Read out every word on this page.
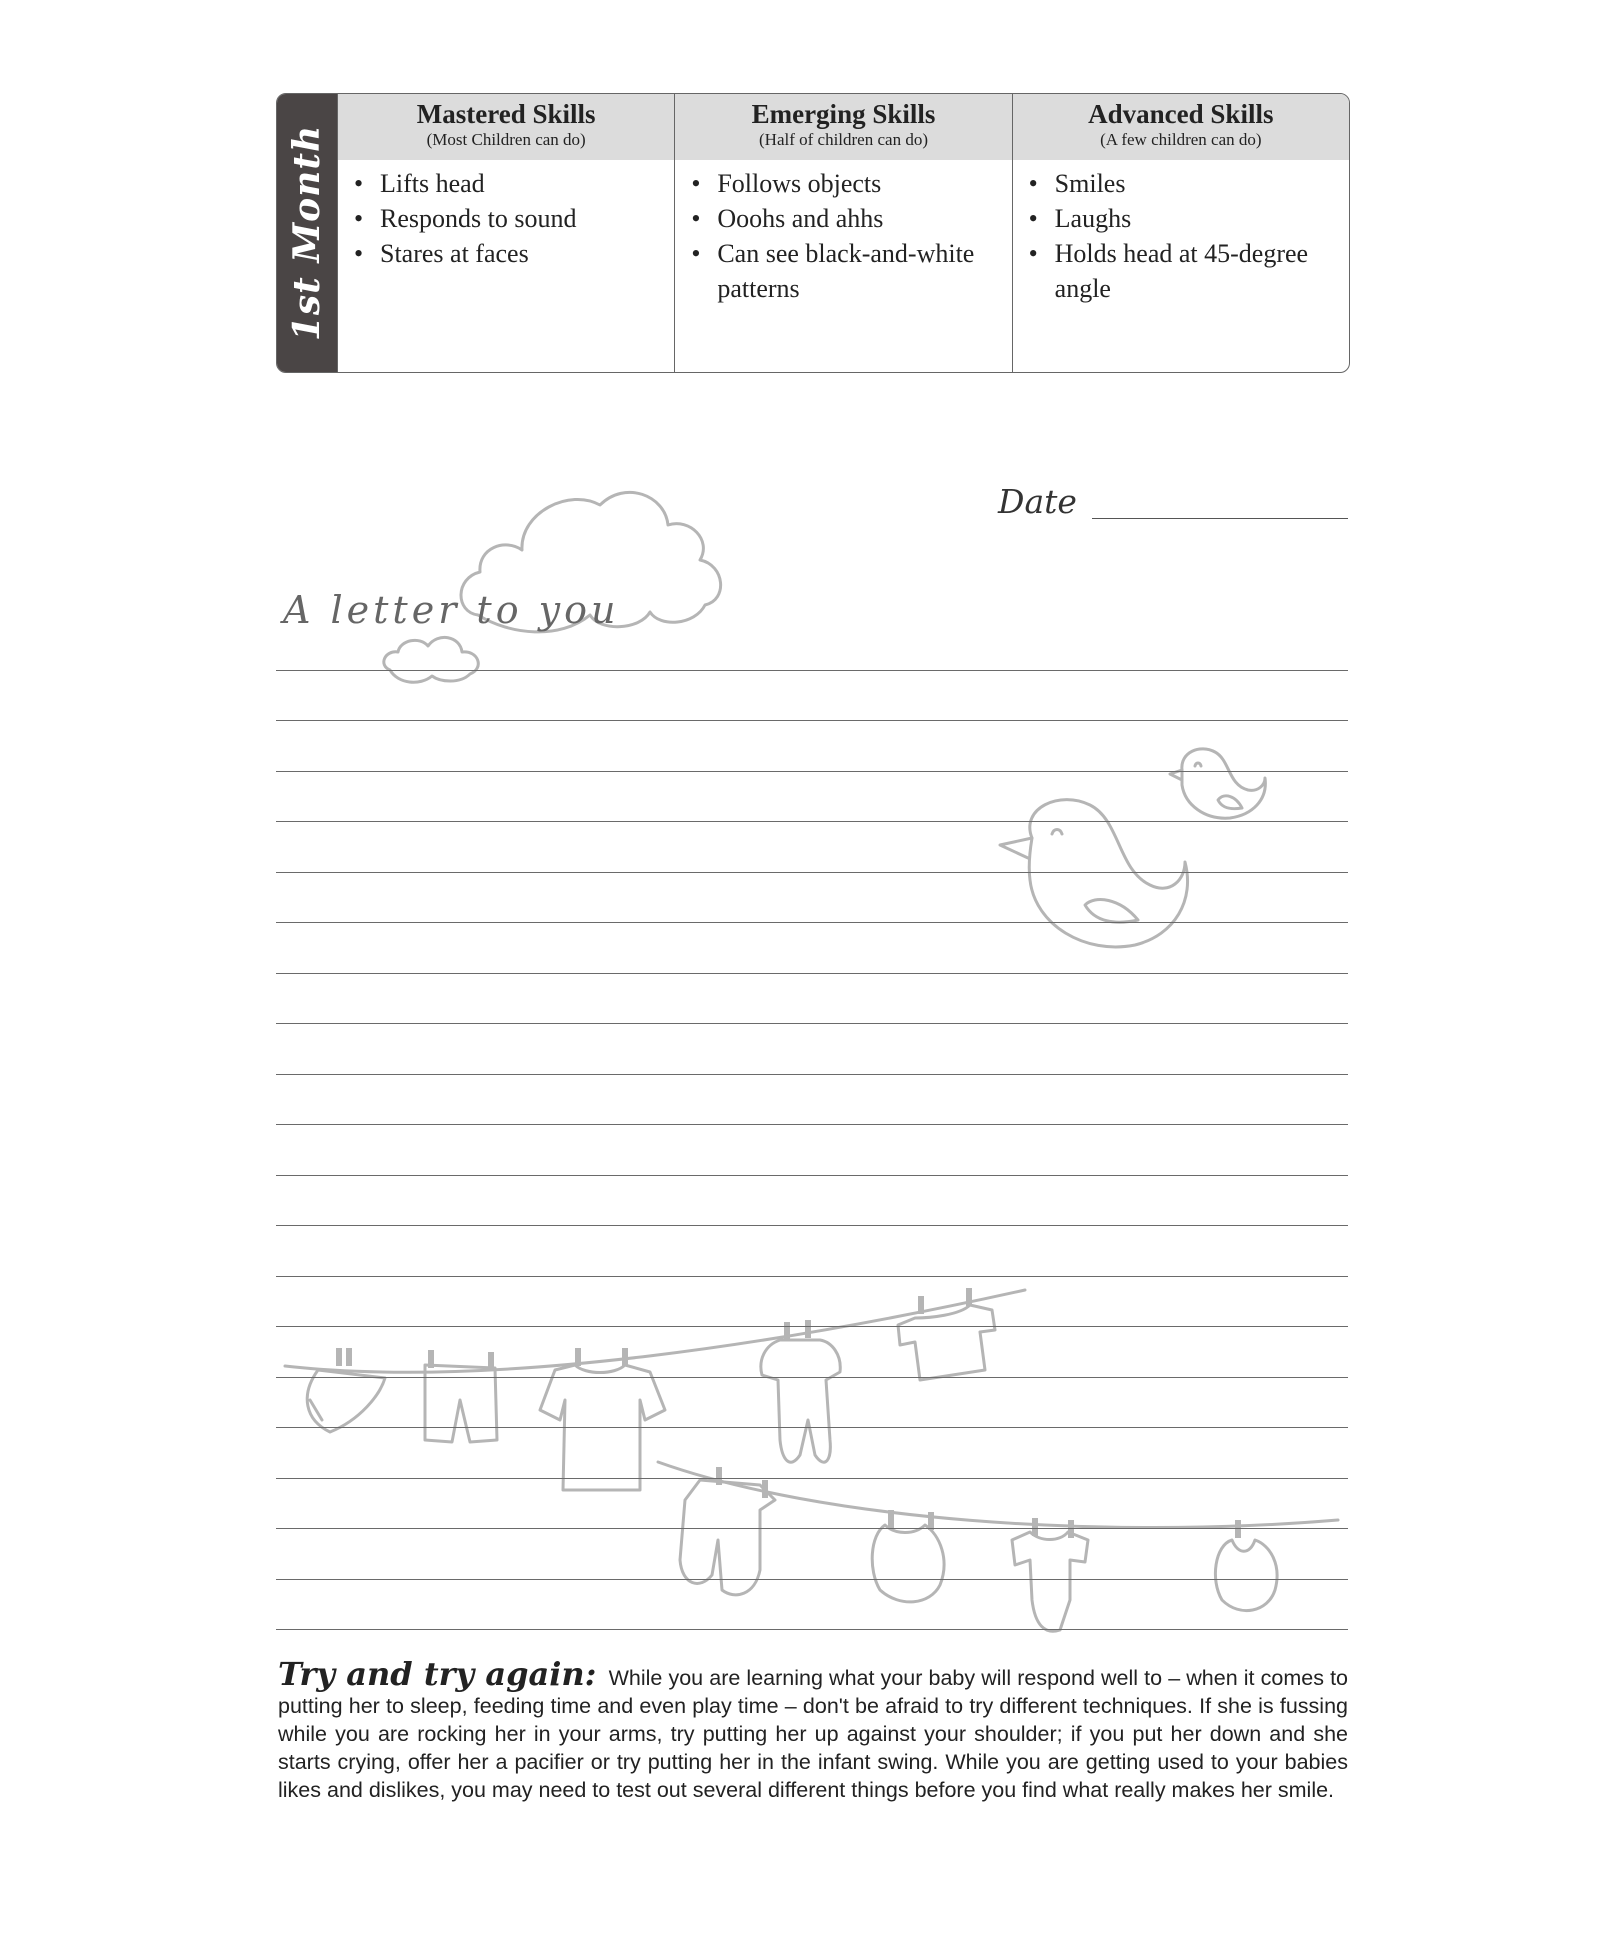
1st Month
Mastered Skills
(Most Children can do)
• Lifts head
• Responds to sound
• Stares at faces
Emerging Skills
(Half of children can do)
• Follows objects
• Ooohs and ahhs
• Can see black-and-white patterns
Advanced Skills
(A few children can do)
• Smiles
• Laughs
• Holds head at 45-degree angle
Date
A letter to you
Try and try again: While you are learning what your baby will respond well to – when it comes to putting her to sleep, feeding time and even play time – don't be afraid to try different techniques. If she is fussing while you are rocking her in your arms, try putting her up against your shoulder; if you put her down and she starts crying, offer her a pacifier or try putting her in the infant swing. While you are getting used to your babies likes and dislikes, you may need to test out several different things before you find what really makes her smile.
